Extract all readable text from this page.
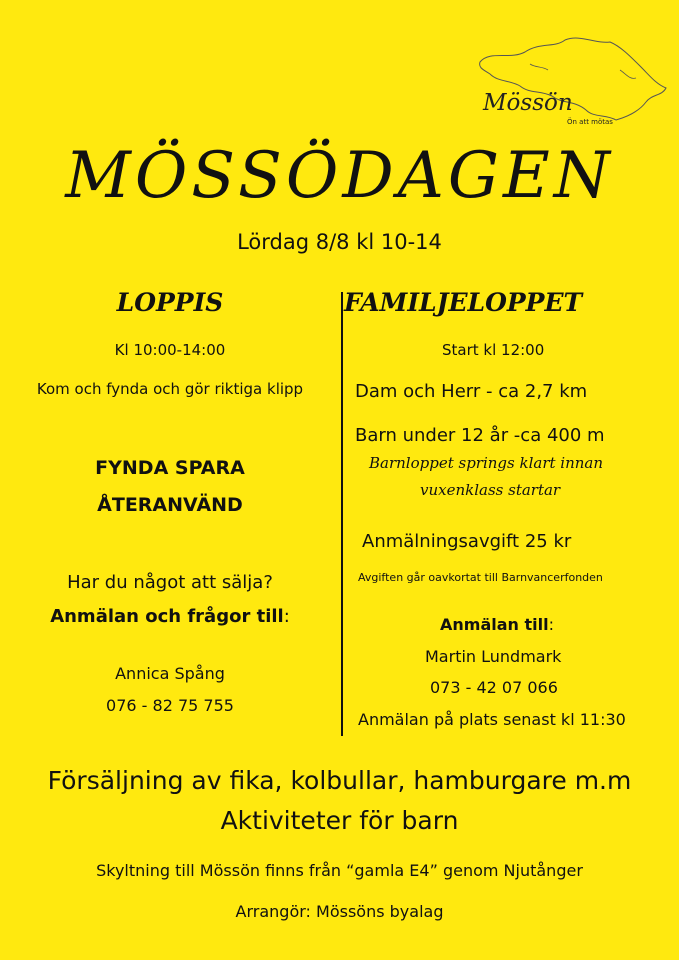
Mössön
Ön att mötas
MÖSSÖDAGEN
Lördag 8/8 kl 10-14
LOPPIS
Kl 10:00-14:00
Kom och fynda och gör riktiga klipp
FYNDA SPARA
ÅTERANVÄND
Har du något att sälja?
Anmälan och frågor till:
Annica Spång
076 - 82 75 755
FAMILJELOPPET
Start kl 12:00
Dam och Herr - ca 2,7 km
Barn under 12 år -ca 400 m
Barnloppet springs klart innan
vuxenklass startar
Anmälningsavgift 25 kr
Avgiften går oavkortat till Barnvancerfonden
Anmälan till:
Martin Lundmark
073 - 42 07 066
Anmälan på plats senast kl 11:30
Försäljning av fika, kolbullar, hamburgare m.m
Aktiviteter för barn
Skyltning till Mössön finns från “gamla E4” genom Njutånger
Arrangör: Mössöns byalag
